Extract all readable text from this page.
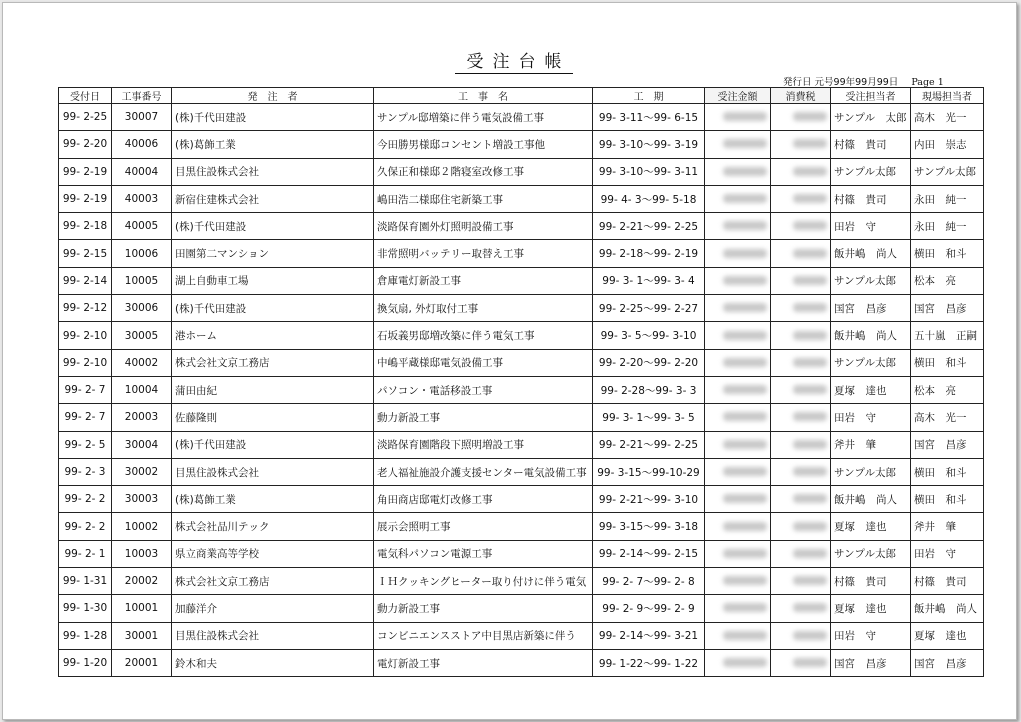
受注台帳
発行日 元号99年99月99日 Page 1
受付日	工事番号	発　注　者	工　事　名	工　期	受注金額	消費税	受注担当者	現場担当者
99- 2-25	30007	(株)千代田建設	サンプル邸増築に伴う電気設備工事	99- 3-11～99- 6-15			サンプル　太郎	高木　光一
99- 2-20	40006	(株)葛飾工業	今田勝男様邸コンセント増設工事他	99- 3-10～99- 3-19			村篠　貴司	内田　崇志
99- 2-19	40004	目黒住設株式会社	久保正和様邸２階寝室改修工事	99- 3-10～99- 3-11			サンプル太郎	サンプル太郎
99- 2-19	40003	新宿住建株式会社	嶋田浩二様邸住宅新築工事	99- 4- 3～99- 5-18			村篠　貴司	永田　純一
99- 2-18	40005	(株)千代田建設	淡路保育園外灯照明設備工事	99- 2-21～99- 2-25			田岩　守	永田　純一
99- 2-15	10006	田園第二マンション	非常照明バッテリー取替え工事	99- 2-18～99- 2-19			飯井嶋　尚人	横田　和斗
99- 2-14	10005	湖上自動車工場	倉庫電灯新設工事	99- 3- 1～99- 3- 4			サンプル太郎	松本　亮
99- 2-12	30006	(株)千代田建設	換気扇, 外灯取付工事	99- 2-25～99- 2-27			国宮　昌彦	国宮　昌彦
99- 2-10	30005	港ホーム	石坂義男邸増改築に伴う電気工事	99- 3- 5～99- 3-10			飯井嶋　尚人	五十嵐　正嗣
99- 2-10	40002	株式会社文京工務店	中嶋平蔵様邸電気設備工事	99- 2-20～99- 2-20			サンプル太郎	横田　和斗
99- 2- 7	10004	蒲田由紀	パソコン・電話移設工事	99- 2-28～99- 3- 3			夏塚　達也	松本　亮
99- 2- 7	20003	佐藤隆則	動力新設工事	99- 3- 1～99- 3- 5			田岩　守	高木　光一
99- 2- 5	30004	(株)千代田建設	淡路保育園階段下照明増設工事	99- 2-21～99- 2-25			斧井　肇	国宮　昌彦
99- 2- 3	30002	目黒住設株式会社	老人福祉施設介護支援センター電気設備工事	99- 3-15～99-10-29			サンプル太郎	横田　和斗
99- 2- 2	30003	(株)葛飾工業	角田商店邸電灯改修工事	99- 2-21～99- 3-10			飯井嶋　尚人	横田　和斗
99- 2- 2	10002	株式会社品川テック	展示会照明工事	99- 3-15～99- 3-18			夏塚　達也	斧井　肇
99- 2- 1	10003	県立商業高等学校	電気科パソコン電源工事	99- 2-14～99- 2-15			サンプル太郎	田岩　守
99- 1-31	20002	株式会社文京工務店	ＩＨクッキングヒーター取り付けに伴う電気	99- 2- 7～99- 2- 8			村篠　貴司	村篠　貴司
99- 1-30	10001	加藤洋介	動力新設工事	99- 2- 9～99- 2- 9			夏塚　達也	飯井嶋　尚人
99- 1-28	30001	目黒住設株式会社	コンビニエンスストア中目黒店新築に伴う	99- 2-14～99- 3-21			田岩　守	夏塚　達也
99- 1-20	20001	鈴木和夫	電灯新設工事	99- 1-22～99- 1-22			国宮　昌彦	国宮　昌彦
